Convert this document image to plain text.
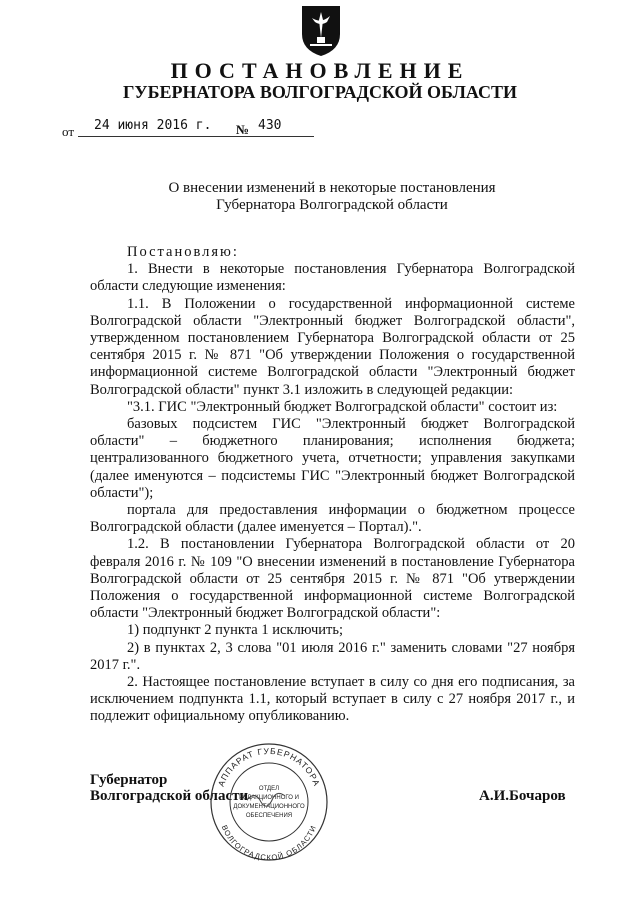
ПОСТАНОВЛЕНИЕ
ГУБЕРНАТОРА ВОЛГОГРАДСКОЙ ОБЛАСТИ
от	24 июня 2016 г.	№ 430
О внесении изменений в некоторые постановления
Губернатора Волгоградской области

Постановляю:

1. Внести в некоторые постановления Губернатора Волгоградской области следующие изменения:

1.1. В Положении о государственной информационной системе Волгоградской области "Электронный бюджет Волгоградской области", утвержденном постановлением Губернатора Волгоградской области от 25 сентября 2015 г. № 871 "Об утверждении Положения о государственной информационной системе Волгоградской области "Электронный бюджет Волгоградской области" пункт 3.1 изложить в следующей редакции:

"3.1. ГИС "Электронный бюджет Волгоградской области" состоит из:

базовых подсистем ГИС "Электронный бюджет Волгоградской области" – бюджетного планирования; исполнения бюджета; централизованного бюджетного учета, отчетности; управления закупками (далее именуются – подсистемы ГИС "Электронный бюджет Волгоградской области");

портала для предоставления информации о бюджетном процессе Волгоградской области (далее именуется – Портал).".

1.2. В постановлении Губернатора Волгоградской области от 20 февраля 2016 г. № 109 "О внесении изменений в постановление Губернатора Волгоградской области от 25 сентября 2015 г. № 871 "Об утверждении Положения о государственной информационной системе Волгоградской области "Электронный бюджет Волгоградской области":

1) подпункт 2 пункта 1 исключить;

2) в пунктах 2, 3 слова "01 июля 2016 г." заменить словами "27 ноября 2017 г.".

2. Настоящее постановление вступает в силу со дня его подписания, за исключением подпункта 1.1, который вступает в силу с 27 ноября 2017 г., и подлежит официальному опубликованию.

Губернатор
Волгоградской области	А.И.Бочаров
АППАРАТ ГУБЕРНАТОРА
ВОЛГОГРАДСКОЙ ОБЛАСТИ
ОТДЕЛ
РЕДАКЦИОННОГО И
ДОКУМЕНТАЦИОННОГО
ОБЕСПЕЧЕНИЯ
